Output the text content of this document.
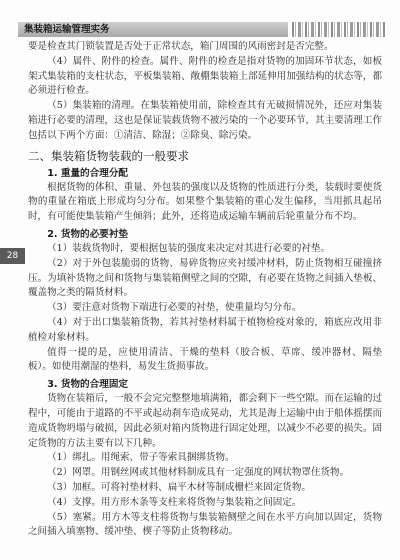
集装箱运输管理实务
28

要是检查其门锁装置是否处于正常状态，箱门周围的风雨密封是否完整。

（4）属件、附件的检查。属件、附件的检查是指对货物的加固环节状态，如板架式集装箱的支柱状态，平板集装箱、敞棚集装箱上部延伸用加强结构的状态等，都必须进行检查。

（5）集装箱的清理。在集装箱使用前，除检查其有无破损情况外，还应对集装箱进行必要的清理，这也是保证装载货物不被污染的一个必要环节，其主要清理工作包括以下两个方面：①清洁、除湿；②除臭、除污染。

二、集装箱货物装载的一般要求
1. 重量的合理分配

根据货物的体积、重量、外包装的强度以及货物的性质进行分类，装载时要使货物的重量在箱底上形成均匀分布。如果整个集装箱的重心发生偏移，当用抓具起吊时，有可能使集装箱产生倾斜；此外，还将造成运输车辆前后轮重量分布不均。

2. 货物的必要衬垫

（1）装载货物时，要根据包装的强度来决定对其进行必要的衬垫。

（2）对于外包装脆弱的货物、易碎货物应夹衬缓冲材料，防止货物相互碰撞挤压。为填补货物之间和货物与集装箱侧壁之间的空隙，有必要在货物之间插入垫板、覆盖物之类的隔货材料。

（3）要注意对货物下端进行必要的衬垫，使重量均匀分布。

（4）对于出口集装箱货物，若其衬垫材料属于植物检疫对象的，箱底应改用非植检对象材料。

值得一提的是，应使用清洁、干燥的垫料（胶合板、草席、缓冲器材、隔垫板）。如使用潮湿的垫料，易发生货损事故。

3. 货物的合理固定

货物在装箱后，一般不会完完整整地填满箱，都会剩下一些空隙。而在运输的过程中，可能由于道路的不平或起动刹车造成晃动，尤其是海上运输中由于船体摇摆而造成货物坍塌与破损，因此必须对箱内货物进行固定处理，以减少不必要的损失。固定货物的方法主要有以下几种。

（1）绑扎。用绳索、带子等索具捆绑货物。

（2）网罩。用钢丝网或其他材料制成具有一定强度的网状物罩住货物。

（3）加框。可将衬垫材料、扁平木材等制成栅栏来固定货物。

（4）支撑。用方形木条等支柱来将货物与集装箱之间固定。

（5）塞紧。用方木等支柱将货物与集装箱侧壁之间在水平方向加以固定，货物之间插入填塞物、缓冲垫、楔子等防止货物移动。
